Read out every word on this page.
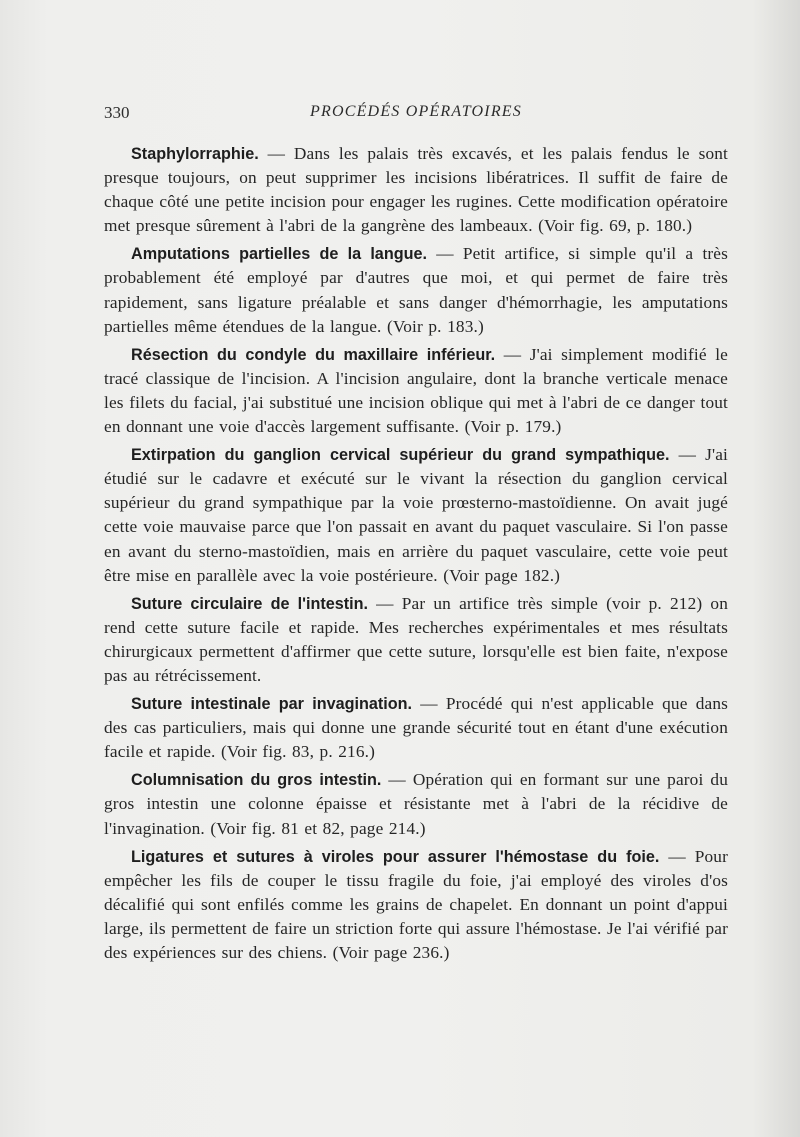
330	PROCÉDÉS OPÉRATOIRES

Staphylorraphie. — Dans les palais très excavés, et les palais fendus le sont presque toujours, on peut supprimer les incisions libératrices. Il suffit de faire de chaque côté une petite incision pour engager les rugines. Cette modification opératoire met presque sûrement à l'abri de la gangrène des lambeaux. (Voir fig. 69, p. 180.)

Amputations partielles de la langue. — Petit artifice, si simple qu'il a très probablement été employé par d'autres que moi, et qui permet de faire très rapidement, sans ligature préalable et sans danger d'hémorrhagie, les amputations partielles même étendues de la langue. (Voir p. 183.)

Résection du condyle du maxillaire inférieur. — J'ai simplement modifié le tracé classique de l'incision. A l'incision angulaire, dont la branche verticale menace les filets du facial, j'ai substitué une incision oblique qui met à l'abri de ce danger tout en donnant une voie d'accès largement suffisante. (Voir p. 179.)

Extirpation du ganglion cervical supérieur du grand sympathique. — J'ai étudié sur le cadavre et exécuté sur le vivant la résection du ganglion cervical supérieur du grand sympathique par la voie prœsterno-mastoïdienne. On avait jugé cette voie mauvaise parce que l'on passait en avant du paquet vasculaire. Si l'on passe en avant du sterno-mastoïdien, mais en arrière du paquet vasculaire, cette voie peut être mise en parallèle avec la voie postérieure. (Voir page 182.)

Suture circulaire de l'intestin. — Par un artifice très simple (voir p. 212) on rend cette suture facile et rapide. Mes recherches expérimentales et mes résultats chirurgicaux permettent d'affirmer que cette suture, lorsqu'elle est bien faite, n'expose pas au rétrécissement.

Suture intestinale par invagination. — Procédé qui n'est applicable que dans des cas particuliers, mais qui donne une grande sécurité tout en étant d'une exécution facile et rapide. (Voir fig. 83, p. 216.)

Columnisation du gros intestin. — Opération qui en formant sur une paroi du gros intestin une colonne épaisse et résistante met à l'abri de la récidive de l'invagination. (Voir fig. 81 et 82, page 214.)

Ligatures et sutures à viroles pour assurer l'hémostase du foie. — Pour empêcher les fils de couper le tissu fragile du foie, j'ai employé des viroles d'os décalifié qui sont enfilés comme les grains de chapelet. En donnant un point d'appui large, ils permettent de faire un striction forte qui assure l'hémostase. Je l'ai vérifié par des expériences sur des chiens. (Voir page 236.)
